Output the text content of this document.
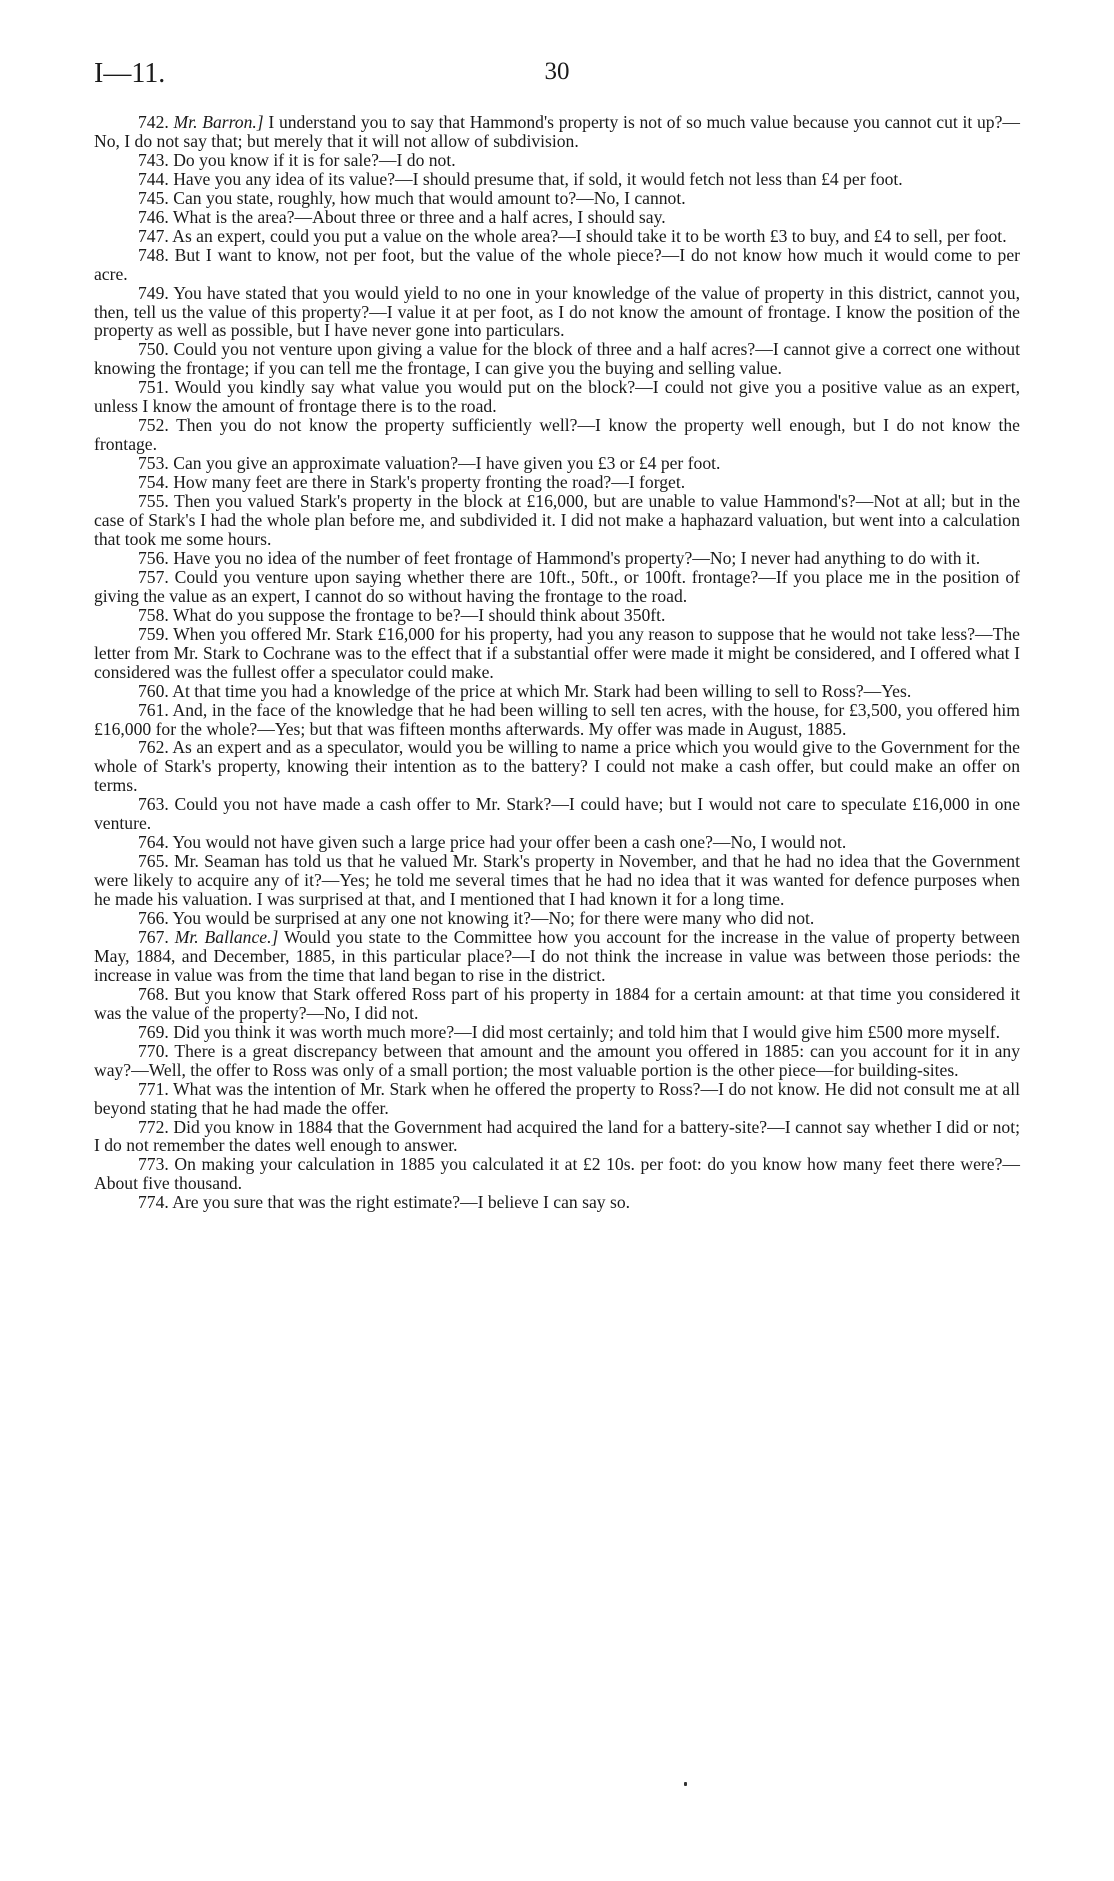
I—11.	30

742. Mr. Barron.] I understand you to say that Hammond's property is not of so much value because you cannot cut it up?—No, I do not say that; but merely that it will not allow of subdivision.

743. Do you know if it is for sale?—I do not.

744. Have you any idea of its value?—I should presume that, if sold, it would fetch not less than £4 per foot.

745. Can you state, roughly, how much that would amount to?—No, I cannot.

746. What is the area?—About three or three and a half acres, I should say.

747. As an expert, could you put a value on the whole area?—I should take it to be worth £3 to buy, and £4 to sell, per foot.

748. But I want to know, not per foot, but the value of the whole piece?—I do not know how much it would come to per acre.

749. You have stated that you would yield to no one in your knowledge of the value of property in this district, cannot you, then, tell us the value of this property?—I value it at per foot, as I do not know the amount of frontage. I know the position of the property as well as possible, but I have never gone into particulars.

750. Could you not venture upon giving a value for the block of three and a half acres?—I cannot give a correct one without knowing the frontage; if you can tell me the frontage, I can give you the buying and selling value.

751. Would you kindly say what value you would put on the block?—I could not give you a positive value as an expert, unless I know the amount of frontage there is to the road.

752. Then you do not know the property sufficiently well?—I know the property well enough, but I do not know the frontage.

753. Can you give an approximate valuation?—I have given you £3 or £4 per foot.

754. How many feet are there in Stark's property fronting the road?—I forget.

755. Then you valued Stark's property in the block at £16,000, but are unable to value Hammond's?—Not at all; but in the case of Stark's I had the whole plan before me, and subdivided it. I did not make a haphazard valuation, but went into a calculation that took me some hours.

756. Have you no idea of the number of feet frontage of Hammond's property?—No; I never had anything to do with it.

757. Could you venture upon saying whether there are 10ft., 50ft., or 100ft. frontage?—If you place me in the position of giving the value as an expert, I cannot do so without having the frontage to the road.

758. What do you suppose the frontage to be?—I should think about 350ft.

759. When you offered Mr. Stark £16,000 for his property, had you any reason to suppose that he would not take less?—The letter from Mr. Stark to Cochrane was to the effect that if a substantial offer were made it might be considered, and I offered what I considered was the fullest offer a speculator could make.

760. At that time you had a knowledge of the price at which Mr. Stark had been willing to sell to Ross?—Yes.

761. And, in the face of the knowledge that he had been willing to sell ten acres, with the house, for £3,500, you offered him £16,000 for the whole?—Yes; but that was fifteen months afterwards. My offer was made in August, 1885.

762. As an expert and as a speculator, would you be willing to name a price which you would give to the Government for the whole of Stark's property, knowing their intention as to the battery? I could not make a cash offer, but could make an offer on terms.

763. Could you not have made a cash offer to Mr. Stark?—I could have; but I would not care to speculate £16,000 in one venture.

764. You would not have given such a large price had your offer been a cash one?—No, I would not.

765. Mr. Seaman has told us that he valued Mr. Stark's property in November, and that he had no idea that the Government were likely to acquire any of it?—Yes; he told me several times that he had no idea that it was wanted for defence purposes when he made his valuation. I was surprised at that, and I mentioned that I had known it for a long time.

766. You would be surprised at any one not knowing it?—No; for there were many who did not.

767. Mr. Ballance.] Would you state to the Committee how you account for the increase in the value of property between May, 1884, and December, 1885, in this particular place?—I do not think the increase in value was between those periods: the increase in value was from the time that land began to rise in the district.

768. But you know that Stark offered Ross part of his property in 1884 for a certain amount: at that time you considered it was the value of the property?—No, I did not.

769. Did you think it was worth much more?—I did most certainly; and told him that I would give him £500 more myself.

770. There is a great discrepancy between that amount and the amount you offered in 1885: can you account for it in any way?—Well, the offer to Ross was only of a small portion; the most valuable portion is the other piece—for building-sites.

771. What was the intention of Mr. Stark when he offered the property to Ross?—I do not know. He did not consult me at all beyond stating that he had made the offer.

772. Did you know in 1884 that the Government had acquired the land for a battery-site?—I cannot say whether I did or not; I do not remember the dates well enough to answer.

773. On making your calculation in 1885 you calculated it at £2 10s. per foot: do you know how many feet there were?—About five thousand.

774. Are you sure that was the right estimate?—I believe I can say so.
